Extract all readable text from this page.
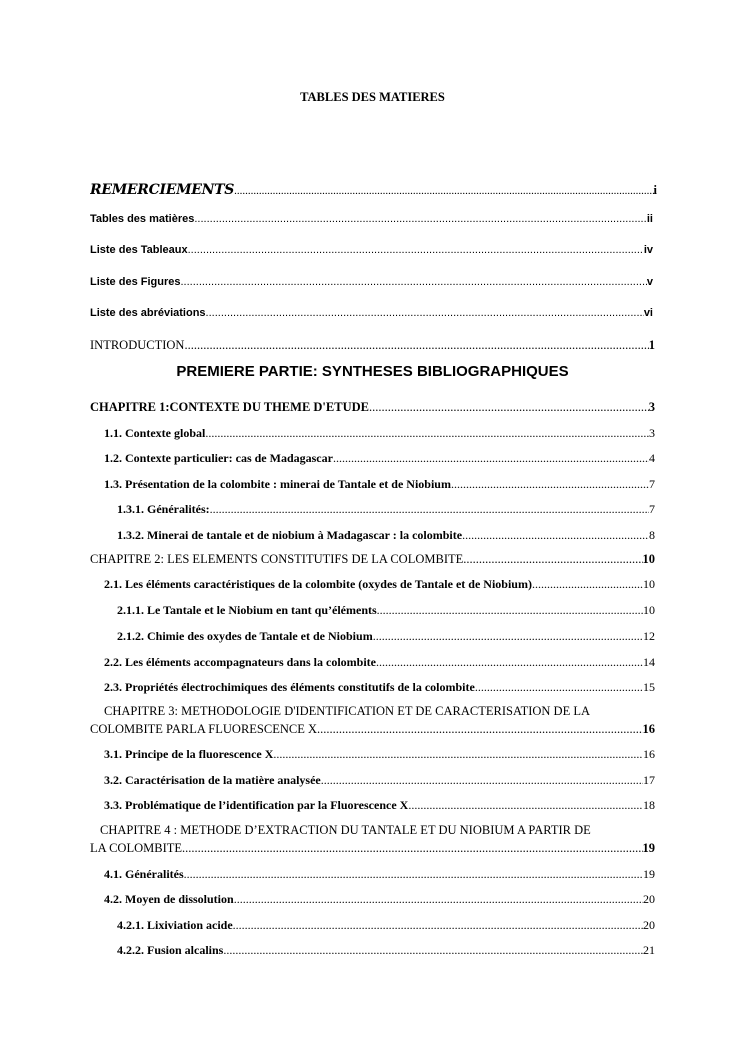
TABLES DES MATIERES
REMERCIEMENTS .....	i
Tables des matières .....	ii
Liste des Tableaux .....	iv
Liste des Figures .....	v
Liste des abréviations .....	vi
INTRODUCTION .....	1
PREMIERE PARTIE: SYNTHESES BIBLIOGRAPHIQUES
CHAPITRE 1:CONTEXTE DU THEME D'ETUDE .....	3
1.1. Contexte global .....	3
1.2. Contexte particulier: cas de Madagascar .....	4
1.3. Présentation de la colombite : minerai de Tantale et de Niobium .....	7
1.3.1. Généralités: .....	7
1.3.2. Minerai de tantale et de niobium à Madagascar : la colombite .....	8
CHAPITRE 2: LES ELEMENTS CONSTITUTIFS DE LA COLOMBITE .....	10
2.1. Les éléments caractéristiques de la colombite (oxydes de Tantale et de Niobium) .....	10
2.1.1. Le Tantale et le Niobium en tant qu’éléments .....	10
2.1.2. Chimie des oxydes de Tantale et de Niobium .....	12
2.2. Les éléments accompagnateurs dans la colombite .....	14
2.3. Propriétés électrochimiques des éléments constitutifs de la colombite .....	15
CHAPITRE 3: METHODOLOGIE D'IDENTIFICATION ET DE CARACTERISATION DE LA
COLOMBITE PARLA FLUORESCENCE X .....	16
3.1. Principe de la fluorescence X .....	16
3.2. Caractérisation de la matière analysée .....	17
3.3. Problématique de l’identification par la Fluorescence X .....	18
CHAPITRE 4 : METHODE D’EXTRACTION DU TANTALE ET DU NIOBIUM A PARTIR DE
LA COLOMBITE .....	19
4.1. Généralités .....	19
4.2. Moyen de dissolution .....	20
4.2.1. Lixiviation acide .....	20
4.2.2. Fusion alcalins .....	21
